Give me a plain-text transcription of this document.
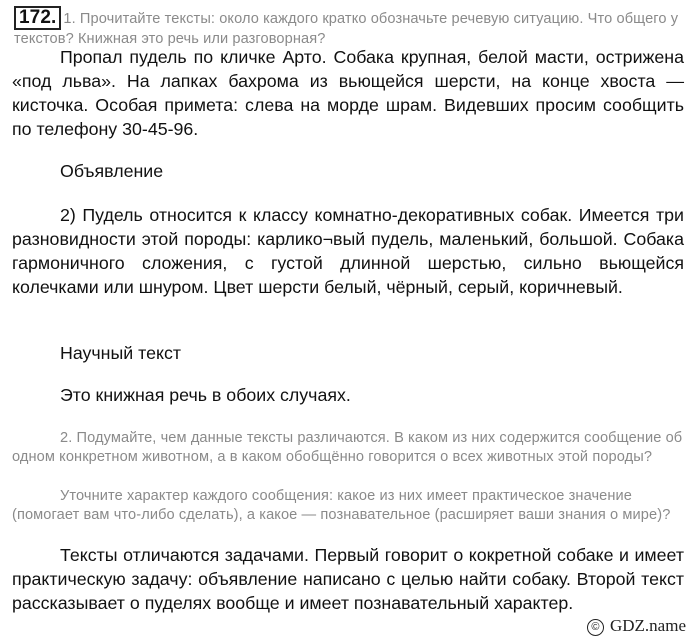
172. 1. Прочитайте тексты: около каждого кратко обозначьте речевую ситуацию. Что общего у текстов? Книжная это речь или разговорная?

Пропал пудель по кличке Арто. Собака крупная, белой масти, острижена «под льва». На лапках бахрома из вьющейся шерсти, на конце хвоста — кисточка. Особая примета: слева на морде шрам. Видевших просим сообщить по телефону 30-45-96.

Объявление

2) Пудель относится к классу комнатно-декоративных собак. Имеется три разновидности этой породы: карлико¬вый пудель, маленький, большой. Собака гармоничного сложения, с густой длинной шерстью, сильно вьющейся колечками или шнуром. Цвет шерсти белый, чёрный, серый, коричневый.

Научный текст

Это книжная речь в обоих случаях.

2. Подумайте, чем данные тексты различаются. В каком из них содержится сообщение об одном конкретном животном, а в каком обобщённо говорится о всех животных этой породы?

Уточните характер каждого сообщения: какое из них имеет практическое значение (помогает вам что-либо сделать), а какое — познавательное (расширяет ваши знания о мире)?

Тексты отличаются задачами. Первый говорит о кокретной собаке и имеет практическую задачу: объявление написано с целью найти собаку. Второй текст рассказывает о пуделях вообще и имеет познавательный характер.

© GDZ.name
